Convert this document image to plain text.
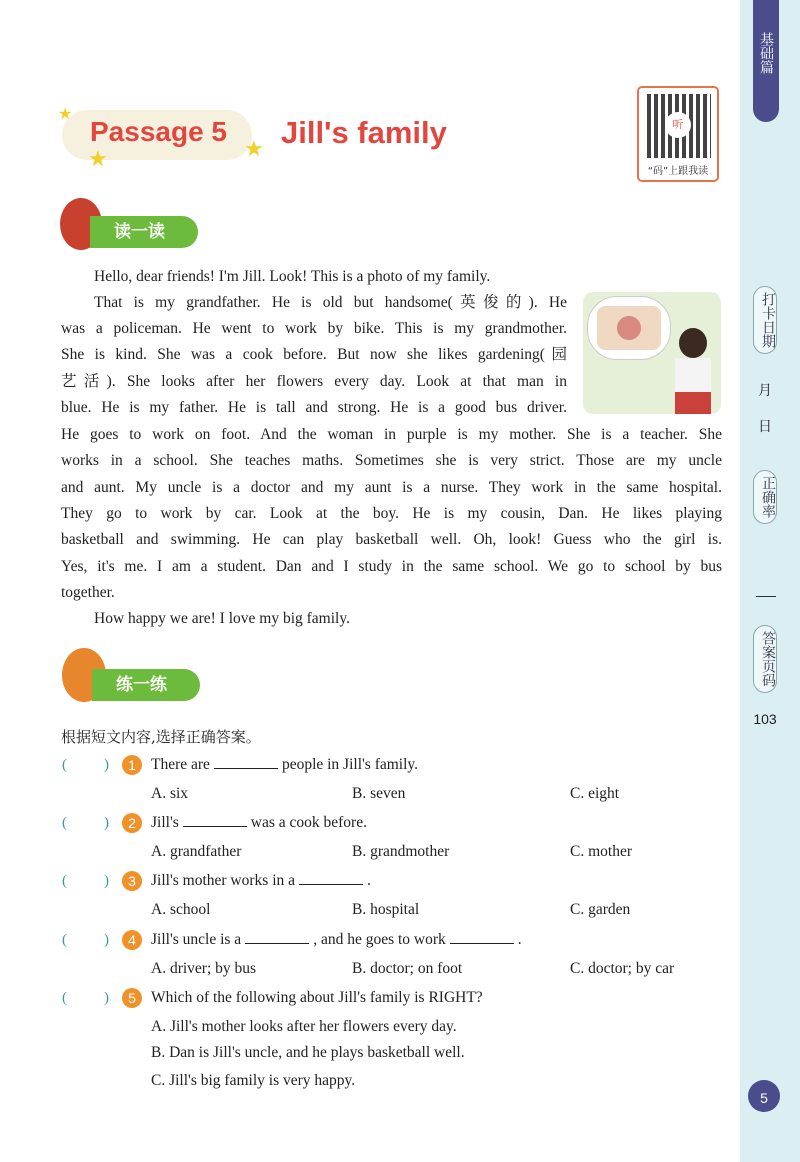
基础篇
打卡日期
月
日
正确率
答案页码
103
★
★	★
Passage 5 Jill's family	听
“码”上跟我读
读一读
Hello, dear friends! I'm Jill. Look! This is a photo of my family.
That is my grandfather. He is old but handsome(英俊的). He
was a policeman. He went to work by bike. This is my grandmother.
She is kind. She was a cook before. But now she likes gardening(园
艺活). She looks after her flowers every day. Look at that man in
blue. He is my father. He is tall and strong. He is a good bus driver.
He goes to work on foot. And the woman in purple is my mother. She is a teacher. She
works in a school. She teaches maths. Sometimes she is very strict. Those are my uncle
and aunt. My uncle is a doctor and my aunt is a nurse. They work in the same hospital.
They go to work by car. Look at the boy. He is my cousin, Dan. He likes playing
basketball and swimming. He can play basketball well. Oh, look! Guess who the girl is.
Yes, it's me. I am a student. Dan and I study in the same school. We go to school by bus
together.
How happy we are! I love my big family.
练一练
根据短文内容,选择正确答案。
( )	1 There are	people in Jill's family.
A. six	B. seven	C. eight
( )	2 Jill's	was a cook before.
A. grandfather	B. grandmother	C. mother
( )	3 Jill's mother works in a	.
A. school	B. hospital	C. garden
( )	4 Jill's uncle is a	, and he goes to work	.
A. driver; by bus	B. doctor; on foot	C. doctor; by car
( )	5 Which of the following about Jill's family is RIGHT?
A. Jill's mother looks after her flowers every day.
B. Dan is Jill's uncle, and he plays basketball well.
C. Jill's big family is very happy.
5
